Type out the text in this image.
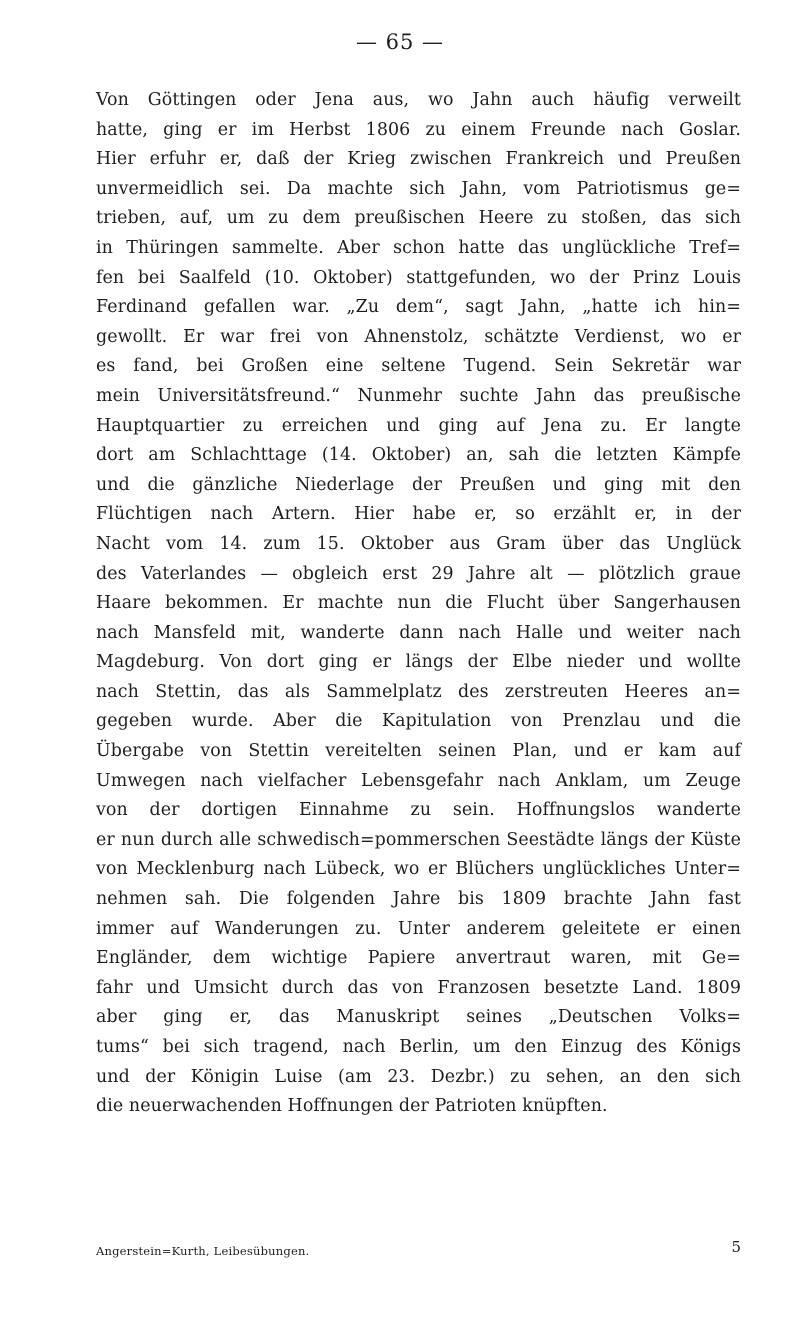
— 65 —
Von Göttingen oder Jena aus, wo Jahn auch häufig verweilt
hatte, ging er im Herbst 1806 zu einem Freunde nach Goslar.
Hier erfuhr er, daß der Krieg zwischen Frankreich und Preußen
unvermeidlich sei. Da machte sich Jahn, vom Patriotismus ge=
trieben, auf, um zu dem preußischen Heere zu stoßen, das sich
in Thüringen sammelte. Aber schon hatte das unglückliche Tref=
fen bei Saalfeld (10. Oktober) stattgefunden, wo der Prinz Louis
Ferdinand gefallen war. „Zu dem“, sagt Jahn, „hatte ich hin=
gewollt. Er war frei von Ahnenstolz, schätzte Verdienst, wo er
es fand, bei Großen eine seltene Tugend. Sein Sekretär war
mein Universitätsfreund.“ Nunmehr suchte Jahn das preußische
Hauptquartier zu erreichen und ging auf Jena zu. Er langte
dort am Schlachttage (14. Oktober) an, sah die letzten Kämpfe
und die gänzliche Niederlage der Preußen und ging mit den
Flüchtigen nach Artern. Hier habe er, so erzählt er, in der
Nacht vom 14. zum 15. Oktober aus Gram über das Unglück
des Vaterlandes — obgleich erst 29 Jahre alt — plötzlich graue
Haare bekommen. Er machte nun die Flucht über Sangerhausen
nach Mansfeld mit, wanderte dann nach Halle und weiter nach
Magdeburg. Von dort ging er längs der Elbe nieder und wollte
nach Stettin, das als Sammelplatz des zerstreuten Heeres an=
gegeben wurde. Aber die Kapitulation von Prenzlau und die
Übergabe von Stettin vereitelten seinen Plan, und er kam auf
Umwegen nach vielfacher Lebensgefahr nach Anklam, um Zeuge
von der dortigen Einnahme zu sein. Hoffnungslos wanderte
er nun durch alle schwedisch=pommerschen Seestädte längs der Küste
von Mecklenburg nach Lübeck, wo er Blüchers unglückliches Unter=
nehmen sah. Die folgenden Jahre bis 1809 brachte Jahn fast
immer auf Wanderungen zu. Unter anderem geleitete er einen
Engländer, dem wichtige Papiere anvertraut waren, mit Ge=
fahr und Umsicht durch das von Franzosen besetzte Land. 1809
aber ging er, das Manuskript seines „Deutschen Volks=
tums“ bei sich tragend, nach Berlin, um den Einzug des Königs
und der Königin Luise (am 23. Dezbr.) zu sehen, an den sich
die neuerwachenden Hoffnungen der Patrioten knüpften.
Angerstein=Kurth, Leibesübungen.	5
